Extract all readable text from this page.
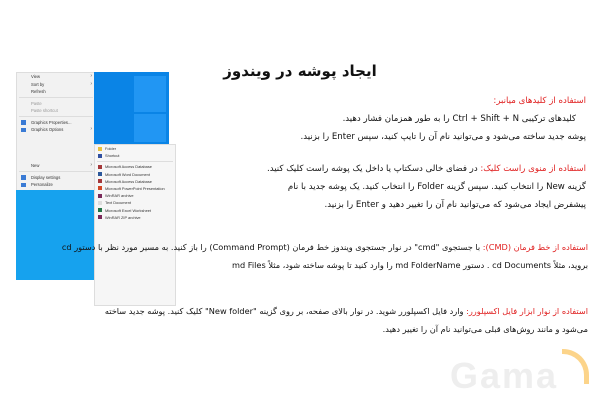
ایجاد پوشه در ویندوز
View	›
Sort by	›
Refresh
Paste
Paste shortcut
Graphics Properties...
Graphics Options	›
New	›
Display settings
Personalize
Folder
Shortcut
Microsoft Access Database
Microsoft Word Document
Microsoft Access Database
Microsoft PowerPoint Presentation
WinRAR archive
Text Document
Microsoft Excel Worksheet
WinRAR ZIP archive
استفاده از کلیدهای میانبر:
کلیدهای ترکیبی Ctrl + Shift + N را به طور همزمان فشار دهید.
پوشه جدید ساخته می‌شود و می‌توانید نام آن را تایپ کنید، سپس Enter را بزنید.
استفاده از منوی راست کلیک: در فضای خالی دسکتاپ یا داخل یک پوشه راست کلیک کنید.
گزینه New را انتخاب کنید. سپس گزینه Folder را انتخاب کنید. یک پوشه جدید با نام
پیشفرض ایجاد می‌شود که می‌توانید نام آن را تغییر دهید و Enter را بزنید.
استفاده از خط فرمان (CMD): با جستجوی "cmd" در نوار جستجوی ویندوز خط فرمان (Command Prompt) را باز کنید. به مسیر مورد نظر با دستور cd
بروید، مثلاً cd Documents . دستور md FolderName را وارد کنید تا پوشه ساخته شود، مثلاً md Files
استفاده از نوار ابزار فایل اکسپلورر: وارد فایل اکسپلورر شوید. در نوار بالای صفحه، بر روی گزینه "New folder" کلیک کنید. پوشه جدید ساخته
می‌شود و مانند روش‌های قبلی می‌توانید نام آن را تغییر دهید.
Gama
